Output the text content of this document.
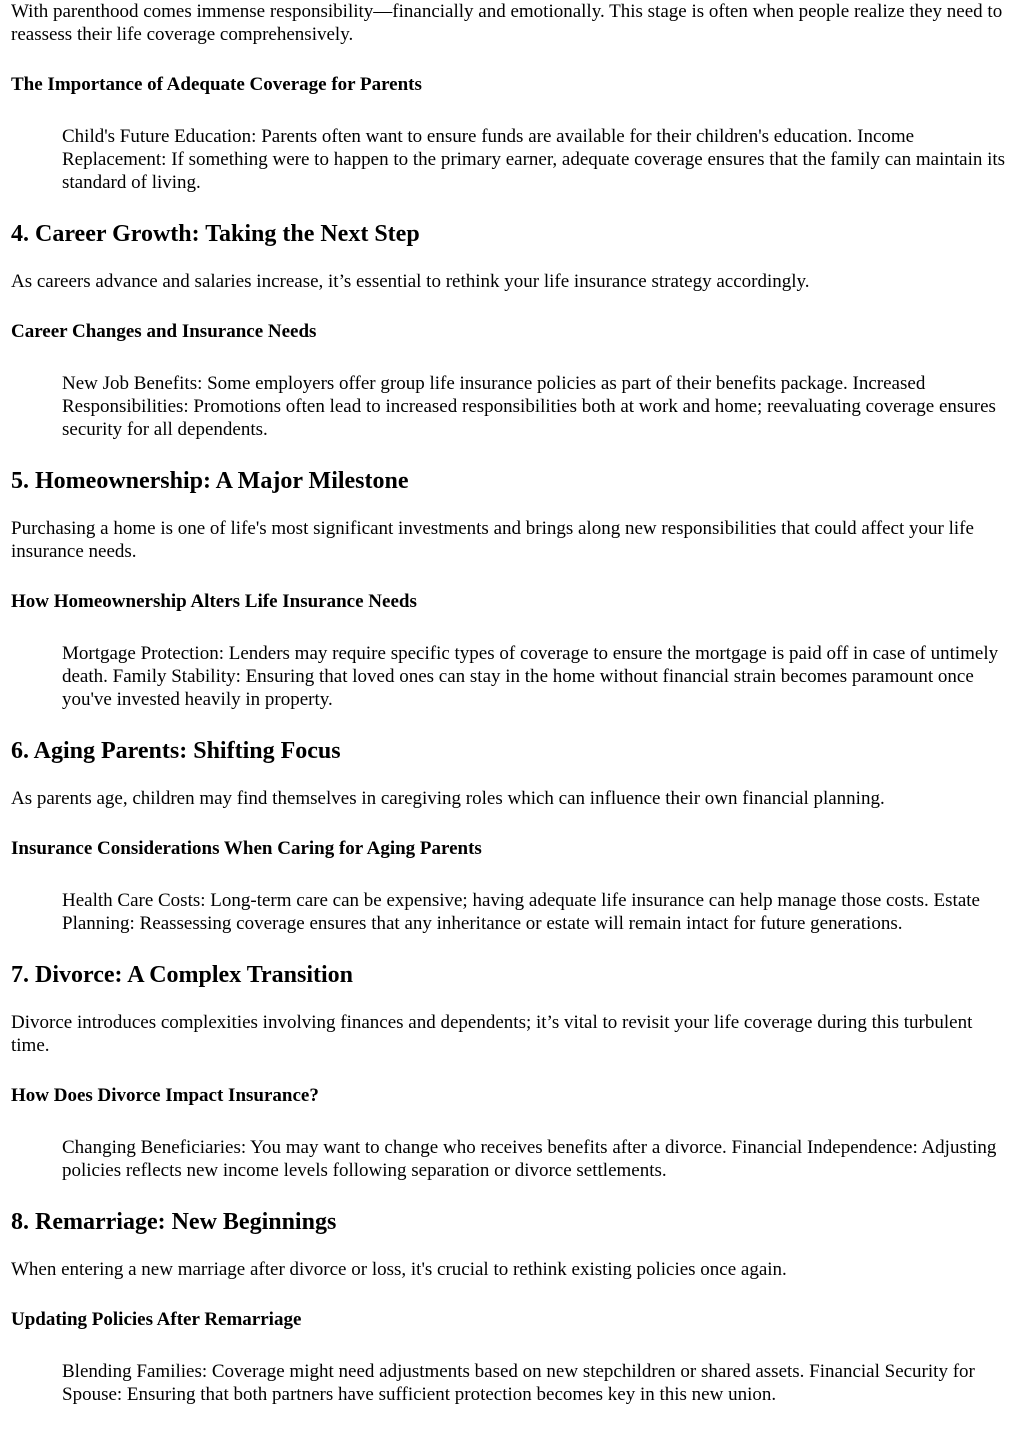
With parenthood comes immense responsibility—financially and emotionally. This stage is often when people realize they need to reassess their life coverage comprehensively.

The Importance of Adequate Coverage for Parents
Child's Future Education: Parents often want to ensure funds are available for their children's education. Income Replacement: If something were to happen to the primary earner, adequate coverage ensures that the family can maintain its standard of living.
4. Career Growth: Taking the Next Step

As careers advance and salaries increase, it’s essential to rethink your life insurance strategy accordingly.

Career Changes and Insurance Needs
New Job Benefits: Some employers offer group life insurance policies as part of their benefits package. Increased Responsibilities: Promotions often lead to increased responsibilities both at work and home; reevaluating coverage ensures security for all dependents.
5. Homeownership: A Major Milestone

Purchasing a home is one of life's most significant investments and brings along new responsibilities that could affect your life insurance needs.

How Homeownership Alters Life Insurance Needs
Mortgage Protection: Lenders may require specific types of coverage to ensure the mortgage is paid off in case of untimely death. Family Stability: Ensuring that loved ones can stay in the home without financial strain becomes paramount once you've invested heavily in property.
6. Aging Parents: Shifting Focus

As parents age, children may find themselves in caregiving roles which can influence their own financial planning.

Insurance Considerations When Caring for Aging Parents
Health Care Costs: Long-term care can be expensive; having adequate life insurance can help manage those costs. Estate Planning: Reassessing coverage ensures that any inheritance or estate will remain intact for future generations.
7. Divorce: A Complex Transition

Divorce introduces complexities involving finances and dependents; it’s vital to revisit your life coverage during this turbulent time.

How Does Divorce Impact Insurance?
Changing Beneficiaries: You may want to change who receives benefits after a divorce. Financial Independence: Adjusting policies reflects new income levels following separation or divorce settlements.
8. Remarriage: New Beginnings

When entering a new marriage after divorce or loss, it's crucial to rethink existing policies once again.

Updating Policies After Remarriage
Blending Families: Coverage might need adjustments based on new stepchildren or shared assets. Financial Security for Spouse: Ensuring that both partners have sufficient protection becomes key in this new union.
